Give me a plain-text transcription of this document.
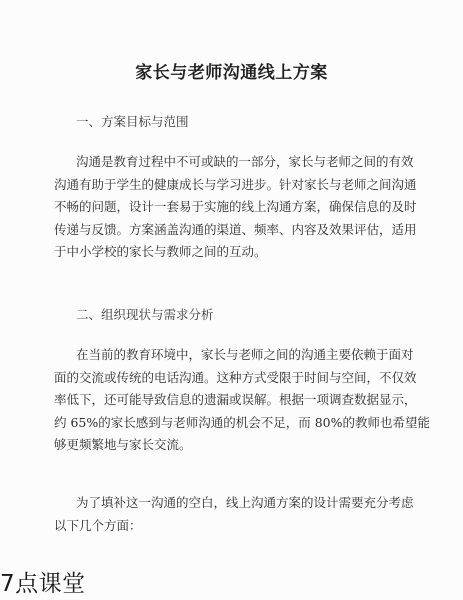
家长与老师沟通线上方案
一、方案目标与范围
沟通是教育过程中不可或缺的一部分，家长与老师之间的有效
沟通有助于学生的健康成长与学习进步。针对家长与老师之间沟通
不畅的问题，设计一套易于实施的线上沟通方案，确保信息的及时
传递与反馈。方案涵盖沟通的渠道、频率、内容及效果评估，适用
于中小学校的家长与教师之间的互动。
二、组织现状与需求分析
在当前的教育环境中，家长与老师之间的沟通主要依赖于面对
面的交流或传统的电话沟通。这种方式受限于时间与空间，不仅效
率低下，还可能导致信息的遗漏或误解。根据一项调查数据显示，
约 65%的家长感到与老师沟通的机会不足，而 80%的教师也希望能
够更频繁地与家长交流。
为了填补这一沟通的空白，线上沟通方案的设计需要充分考虑
以下几个方面：
7点课堂
